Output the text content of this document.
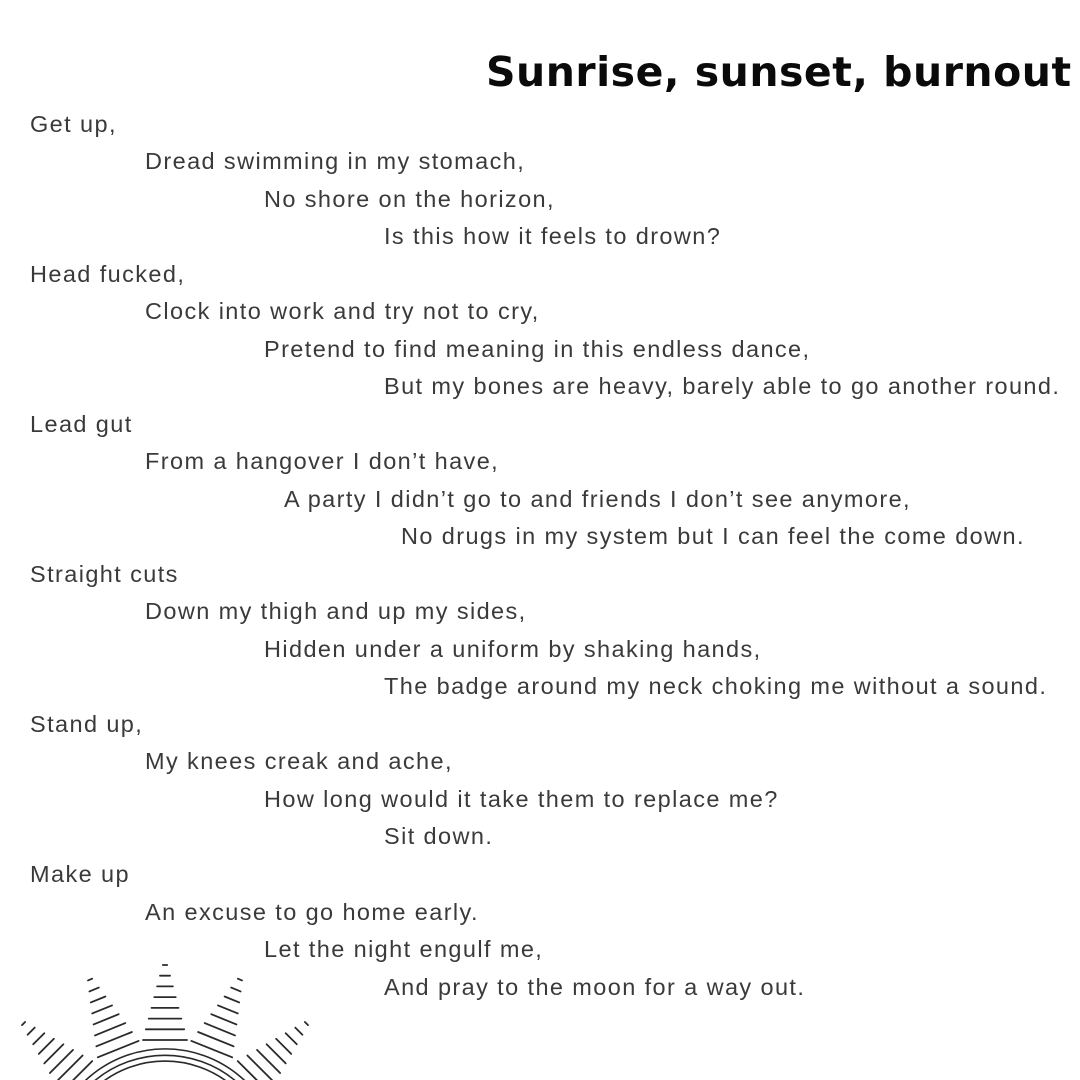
Sunrise, sunset, burnout
Get up,
Dread swimming in my stomach,
No shore on the horizon,
Is this how it feels to drown?
Head fucked,
Clock into work and try not to cry,
Pretend to find meaning in this endless dance,
But my bones are heavy, barely able to go another round.
Lead gut
From a hangover I don’t have,
A party I didn’t go to and friends I don’t see anymore,
No drugs in my system but I can feel the come down.
Straight cuts
Down my thigh and up my sides,
Hidden under a uniform by shaking hands,
The badge around my neck choking me without a sound.
Stand up,
My knees creak and ache,
How long would it take them to replace me?
Sit down.
Make up
An excuse to go home early.
Let the night engulf me,
And pray to the moon for a way out.
